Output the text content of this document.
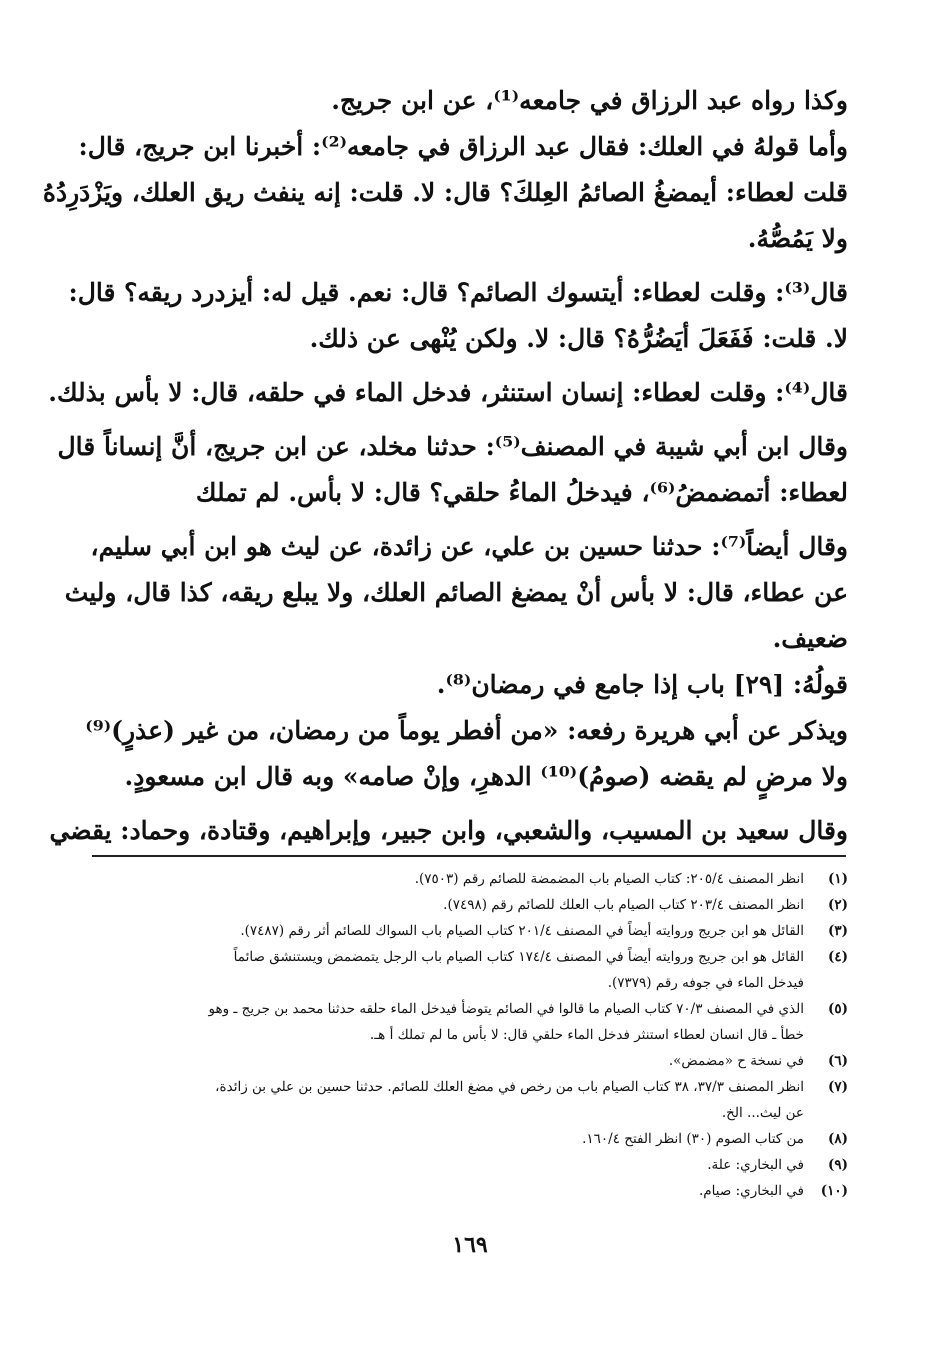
وكذا رواه عبد الرزاق في جامعه⁽¹⁾، عن ابن جريج.
وأما قولهُ في العلك: فقال عبد الرزاق في جامعه⁽²⁾: أخبرنا ابن جريج، قال:
قلت لعطاء: أيمضغُ الصائمُ العِلكَ؟ قال: لا. قلت: إنه ينفث ريق العلك، ويَزْدَرِدُهُ
ولا يَمُصُّهُ.
قال⁽³⁾: وقلت لعطاء: أيتسوك الصائم؟ قال: نعم. قيل له: أيزدرد ريقه؟ قال:
لا. قلت: فَفَعَلَ أيَضُرُّهُ؟ قال: لا. ولكن يُنْهى عن ذلك.
قال⁽⁴⁾: وقلت لعطاء: إنسان استنثر، فدخل الماء في حلقه، قال: لا بأس بذلك.
وقال ابن أبي شيبة في المصنف⁽⁵⁾: حدثنا مخلد، عن ابن جريج، أنَّ إنساناً قال
لعطاء: أتمضمضُ⁽⁶⁾، فيدخلُ الماءُ حلقي؟ قال: لا بأس. لم تملك
وقال أيضاً⁽⁷⁾: حدثنا حسين بن علي، عن زائدة، عن ليث هو ابن أبي سليم،
عن عطاء، قال: لا بأس أنْ يمضغ الصائم العلك، ولا يبلع ريقه، كذا قال، وليث
ضعيف.
قولُهُ: [٢٩] باب إذا جامع في رمضان⁽⁸⁾.
ويذكر عن أبي هريرة رفعه: «من أفطر يوماً من رمضان، من غير (عذرٍ)⁽⁹⁾
ولا مرضٍ لم يقضه (صومُ)⁽¹⁰⁾ الدهرِ، وإنْ صامه» وبه قال ابن مسعودٍ.
وقال سعيد بن المسيب، والشعبي، وابن جبير، وإبراهيم، وقتادة، وحماد: يقضي
(١)
انظر المصنف ٢٠٥/٤: كتاب الصيام باب المضمضة للصائم رقم (٧٥٠٣).
(٢)
انظر المصنف ٢٠٣/٤ كتاب الصيام باب العلك للصائم رقم (٧٤٩٨).
(٣)
القائل هو ابن جريج وروايته أيضاً في المصنف ٢٠١/٤ كتاب الصيام باب السواك للصائم أثر رقم (٧٤٨٧).
(٤)
القائل هو ابن جريج وروايته أيضاً في المصنف ١٧٤/٤ كتاب الصيام باب الرجل يتمضمض ويستنشق صائماً
فيدخل الماء في جوفه رقم (٧٣٧٩).
(٥)
الذي في المصنف ٧٠/٣ كتاب الصيام ما قالوا في الصائم يتوضأ فيدخل الماء حلقه حدثنا محمد بن جريج ـ وهو
خطأ ـ قال انسان لعطاء استنثر فدخل الماء حلقي قال: لا بأس ما لم تملك أ هـ.
(٦)
في نسخة ح «مضمض».
(٧)
انظر المصنف ٣٧/٣، ٣٨ كتاب الصيام باب من رخص في مضغ العلك للصائم. حدثنا حسين بن علي بن زائدة،
عن ليث... الخ.
(٨)
من كتاب الصوم (٣٠) انظر الفتح ١٦٠/٤.
(٩)
في البخاري: علة.
(١٠)
في البخاري: صيام.
١٦٩
